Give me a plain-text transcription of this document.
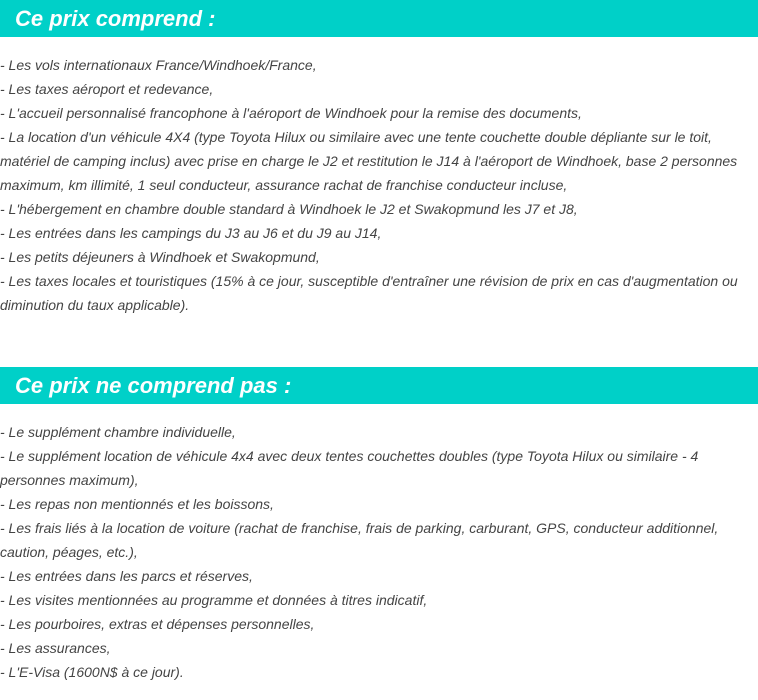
Ce prix comprend :
- Les vols internationaux France/Windhoek/France,
- Les taxes aéroport et redevance,
- L'accueil personnalisé francophone à l'aéroport de Windhoek pour la remise des documents,
- La location d'un véhicule 4X4 (type Toyota Hilux ou similaire avec une tente couchette double dépliante sur le toit, matériel de camping inclus) avec prise en charge le J2 et restitution le J14 à l'aéroport de Windhoek, base 2 personnes maximum, km illimité, 1 seul conducteur, assurance rachat de franchise conducteur incluse,
- L'hébergement en chambre double standard à Windhoek le J2 et Swakopmund les J7 et J8,
- Les entrées dans les campings du J3 au J6 et du J9 au J14,
- Les petits déjeuners à Windhoek et Swakopmund,
- Les taxes locales et touristiques (15% à ce jour, susceptible d'entraîner une révision de prix en cas d'augmentation ou diminution du taux applicable).
Ce prix ne comprend pas :
- Le supplément chambre individuelle,
- Le supplément location de véhicule 4x4 avec deux tentes couchettes doubles (type Toyota Hilux ou similaire - 4 personnes maximum),
- Les repas non mentionnés et les boissons,
- Les frais liés à la location de voiture (rachat de franchise, frais de parking, carburant, GPS, conducteur additionnel, caution, péages, etc.),
- Les entrées dans les parcs et réserves,
- Les visites mentionnées au programme et données à titres indicatif,
- Les pourboires, extras et dépenses personnelles,
- Les assurances,
- L'E-Visa (1600N$ à ce jour).
